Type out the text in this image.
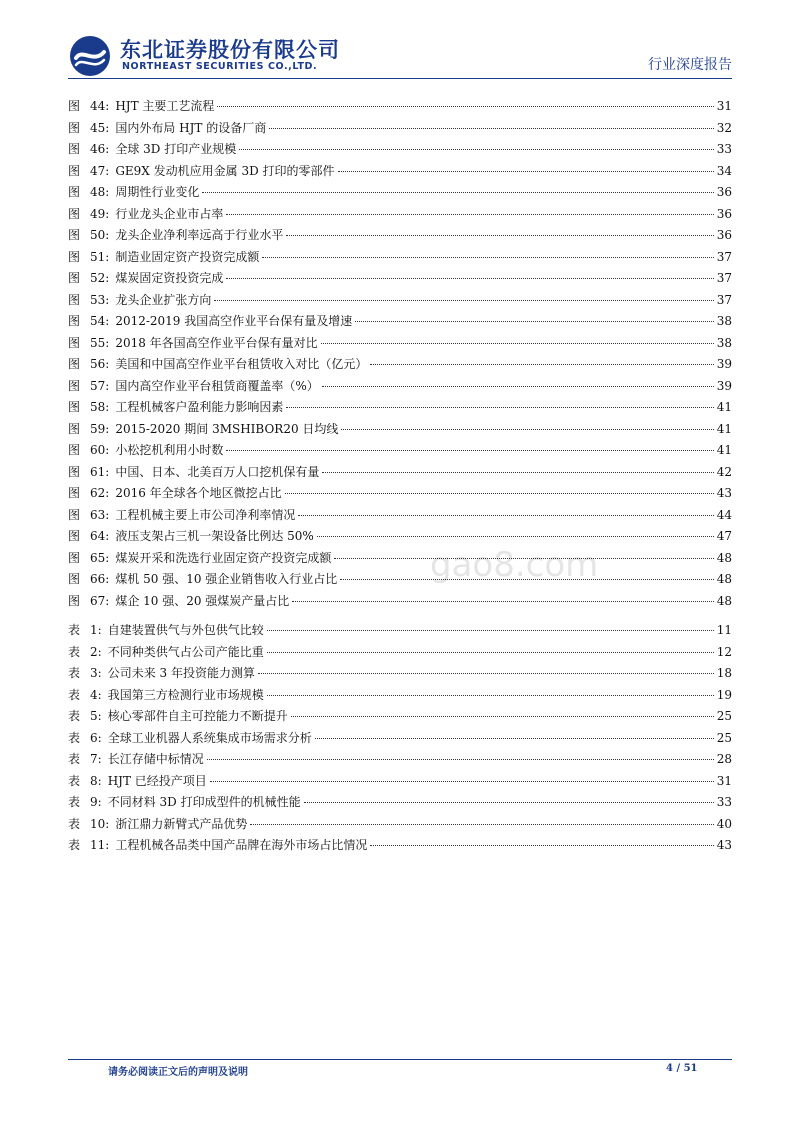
东北证券股份有限公司
NORTHEAST SECURITIES CO.,LTD.	行业深度报告
gao8.com
图 44: HJT 主要工艺流程	31
图 45: 国内外布局 HJT 的设备厂商	32
图 46: 全球 3D 打印产业规模	33
图 47: GE9X 发动机应用金属 3D 打印的零部件	34
图 48: 周期性行业变化	36
图 49: 行业龙头企业市占率	36
图 50: 龙头企业净利率远高于行业水平	36
图 51: 制造业固定资产投资完成额	37
图 52: 煤炭固定资投资完成	37
图 53: 龙头企业扩张方向	37
图 54: 2012-2019 我国高空作业平台保有量及增速	38
图 55: 2018 年各国高空作业平台保有量对比	38
图 56: 美国和中国高空作业平台租赁收入对比（亿元）	39
图 57: 国内高空作业平台租赁商覆盖率（%）	39
图 58: 工程机械客户盈利能力影响因素	41
图 59: 2015-2020 期间 3MSHIBOR20 日均线	41
图 60: 小松挖机利用小时数	41
图 61: 中国、日本、北美百万人口挖机保有量	42
图 62: 2016 年全球各个地区微挖占比	43
图 63: 工程机械主要上市公司净利率情况	44
图 64: 液压支架占三机一架设备比例达 50%	47
图 65: 煤炭开采和洗选行业固定资产投资完成额	48
图 66: 煤机 50 强、10 强企业销售收入行业占比	48
图 67: 煤企 10 强、20 强煤炭产量占比	48
表 1: 自建装置供气与外包供气比较	11
表 2: 不同种类供气占公司产能比重	12
表 3: 公司未来 3 年投资能力测算	18
表 4: 我国第三方检测行业市场规模	19
表 5: 核心零部件自主可控能力不断提升	25
表 6: 全球工业机器人系统集成市场需求分析	25
表 7: 长江存储中标情况	28
表 8: HJT 已经投产项目	31
表 9: 不同材料 3D 打印成型件的机械性能	33
表 10: 浙江鼎力新臂式产品优势	40
表 11: 工程机械各品类中国产品牌在海外市场占比情况	43
请务必阅读正文后的声明及说明	4 / 51
